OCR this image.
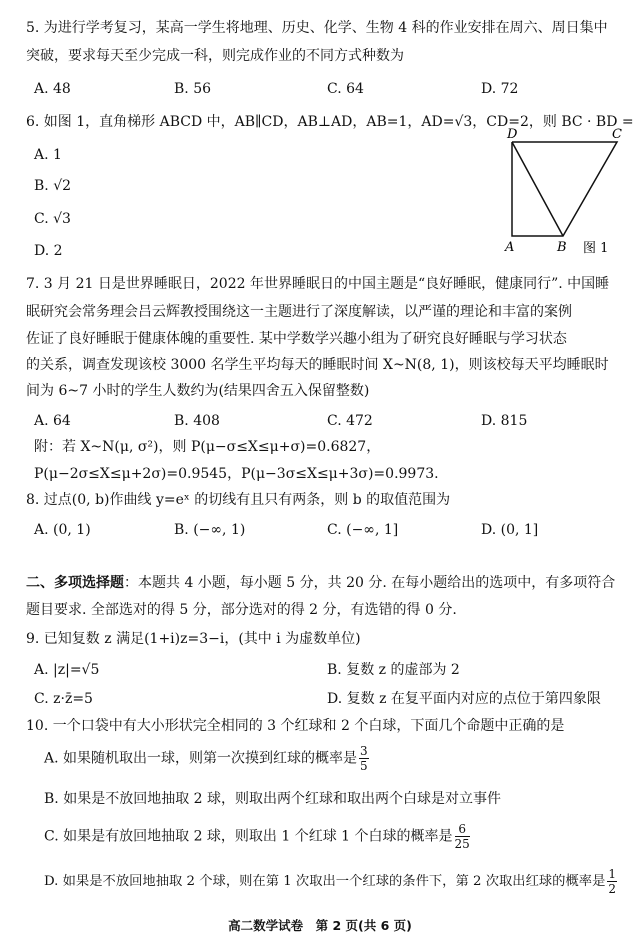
5. 为进行学考复习，某高一学生将地理、历史、化学、生物 4 科的作业安排在周六、周日集中
突破，要求每天至少完成一科，则完成作业的不同方式种数为
A. 48	B. 56	C. 64	D. 72
6. 如图 1，直角梯形 ABCD 中，AB∥CD，AB⊥AD，AB=1，AD=√3，CD=2，则 BC · BD =
A. 1
B. √2
C. √3
D. 2
D	C
A	B 图 1
7. 3 月 21 日是世界睡眠日，2022 年世界睡眠日的中国主题是“良好睡眠，健康同行”. 中国睡
眠研究会常务理会吕云辉教授围绕这一主题进行了深度解读，以严谨的理论和丰富的案例
佐证了良好睡眠于健康体魄的重要性. 某中学数学兴趣小组为了研究良好睡眠与学习状态
的关系，调查发现该校 3000 名学生平均每天的睡眠时间 X~N(8, 1)，则该校每天平均睡眠时
间为 6~7 小时的学生人数约为(结果四舍五入保留整数)
A. 64	B. 408	C. 472	D. 815
附：若 X~N(μ, σ²)，则 P(μ−σ≤X≤μ+σ)=0.6827，
P(μ−2σ≤X≤μ+2σ)=0.9545，P(μ−3σ≤X≤μ+3σ)=0.9973.
8. 过点(0, b)作曲线 y=eˣ 的切线有且只有两条，则 b 的取值范围为
A. (0, 1)	B. (−∞, 1)	C. (−∞, 1]	D. (0, 1]
二、多项选择题：本题共 4 小题，每小题 5 分，共 20 分. 在每小题给出的选项中，有多项符合
题目要求. 全部选对的得 5 分，部分选对的得 2 分，有选错的得 0 分.
9. 已知复数 z 满足(1+i)z=3−i，(其中 i 为虚数单位)
A. |z|=√5	B. 复数 z 的虚部为 2
C. z·z̄=5	D. 复数 z 在复平面内对应的点位于第四象限
10. 一个口袋中有大小形状完全相同的 3 个红球和 2 个白球，下面几个命题中正确的是
A. 如果随机取出一球，则第一次摸到红球的概率是 $\frac{3}{5}$
B. 如果是不放回地抽取 2 球，则取出两个红球和取出两个白球是对立事件
C. 如果是有放回地抽取 2 球，则取出 1 个红球 1 个白球的概率是 $\frac{6}{25}$
D. 如果是不放回地抽取 2 个球，则在第 1 次取出一个红球的条件下，第 2 次取出红球的概率是 $\frac{1}{2}$
高二数学试卷　第 2 页(共 6 页)
